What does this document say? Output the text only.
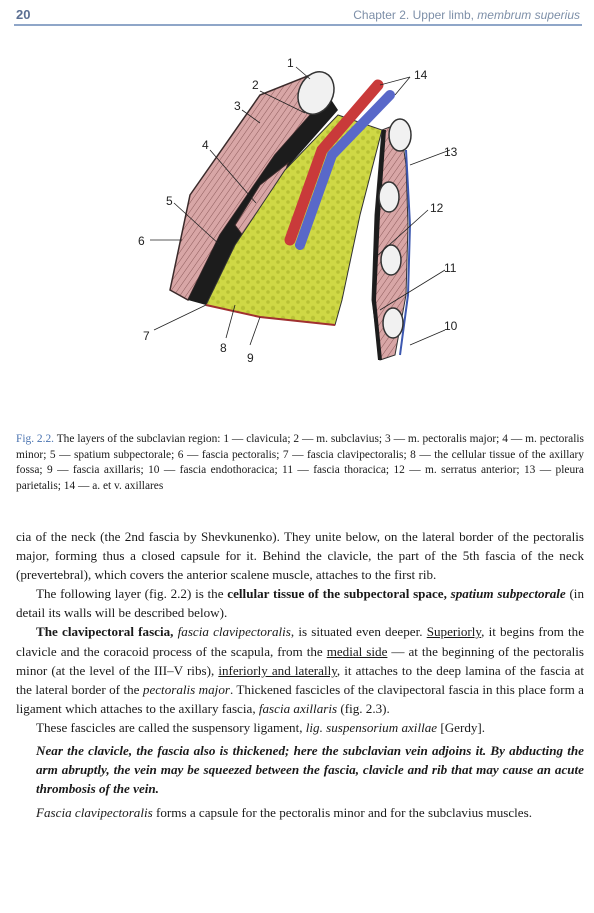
20	Chapter 2. Upper limb, membrum superius
1
2
3
4
5
6
7
8
9
10
11
12
13
14
Fig. 2.2. The layers of the subclavian region: 1 — clavicula; 2 — m. subclavius; 3 — m. pectoralis major; 4 — m. pectoralis minor; 5 — spatium subpectorale; 6 — fascia pectoralis; 7 — fascia clavipectoralis; 8 — the cellular tissue of the axillary fossa; 9 — fascia axillaris; 10 — fascia endothoracica; 11 — fascia thoracica; 12 — m. serratus anterior; 13 — pleura parietalis; 14 — a. et v. axillares

cia of the neck (the 2nd fascia by Shevkunenko). They unite below, on the lateral border of the pectoralis major, forming thus a closed capsule for it. Behind the clavicle, the part of the 5th fascia of the neck (prevertebral), which covers the anterior scalene muscle, attaches to the first rib.

The following layer (fig. 2.2) is the cellular tissue of the subpectoral space, spatium subpectorale (in detail its walls will be described below).

The clavipectoral fascia, fascia clavipectoralis, is situated even deeper. Superiorly, it begins from the clavicle and the coracoid process of the scapula, from the medial side — at the beginning of the pectoralis minor (at the level of the III–V ribs), inferiorly and laterally, it attaches to the deep lamina of the fascia at the lateral border of the pectoralis major. Thickened fascicles of the clavipectoral fascia in this place form a ligament which attaches to the axillary fascia, fascia axillaris (fig. 2.3).

These fascicles are called the suspensory ligament, lig. suspensorium axillae [Gerdy].

Near the clavicle, the fascia also is thickened; here the subclavian vein adjoins it. By abducting the arm abruptly, the vein may be squeezed between the fascia, clavicle and rib that may cause an acute thrombosis of the vein.

Fascia clavipectoralis forms a capsule for the pectoralis minor and for the subclavius muscles.
